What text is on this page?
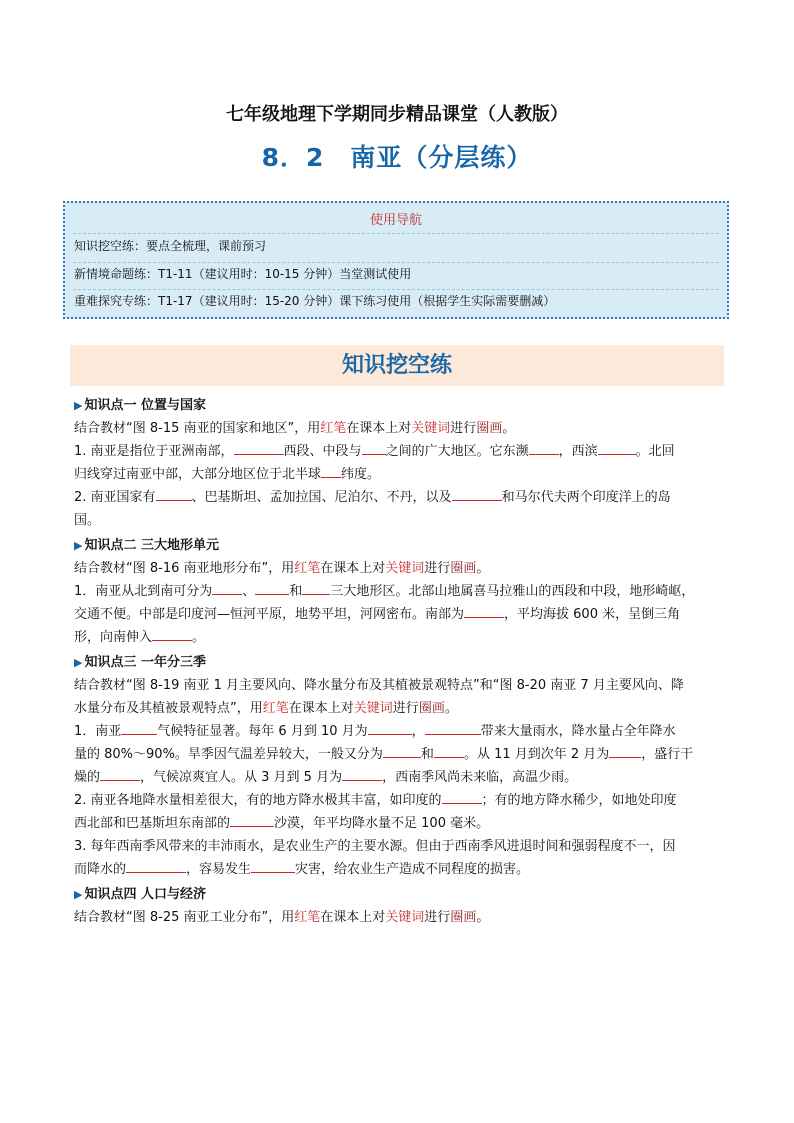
七年级地理下学期同步精品课堂（人教版）
8．2 南亚（分层练）
使用导航
知识挖空练：要点全梳理，课前预习
新情境命题练：T1-11（建议用时：10-15 分钟）当堂测试使用
重难探究专练：T1-17（建议用时：15-20 分钟）课下练习使用（根据学生实际需要删减）
知识挖空练
▶ 知识点一 位置与国家

结合教材“图 8-15 南亚的国家和地区”，用红笔在课本上对关键词进行圈画。

1. 南亚是指位于亚洲南部，	西段、中段与 之间的广大地区。它东濒 ，西滨	。北回
归线穿过南亚中部，大部分地区位于北半球 纬度。

2. 南亚国家有	、巴基斯坦、孟加拉国、尼泊尔、不丹，以及	和马尔代夫两个印度洋上的岛
国。

▶ 知识点二 三大地形单元

结合教材“图 8-16 南亚地形分布”，用红笔在课本上对关键词进行圈画。

1．南亚从北到南可分为 、	和 三大地形区。北部山地属喜马拉雅山的西段和中段，地形崎岖，
交通不便。中部是印度河—恒河平原，地势平坦，河网密布。南部为	，平均海拔 600 米，呈倒三角
形，向南伸入	。

▶ 知识点三 一年分三季

结合教材“图 8-19 南亚 1 月主要风向、降水量分布及其植被景观特点”和“图 8-20 南亚 7 月主要风向、降
水量分布及其植被景观特点”，用红笔在课本上对关键词进行圈画。

1．南亚	气候特征显著。每年 6 月到 10 月为	，	带来大量雨水，降水量占全年降水
量的 80%～90%。旱季因气温差异较大，一般又分为	和 。从 11 月到次年 2 月为 ，盛行干
燥的	，气候凉爽宜人。从 3 月到 5 月为	，西南季风尚未来临，高温少雨。

2. 南亚各地降水量相差很大，有的地方降水极其丰富，如印度的	；有的地方降水稀少，如地处印度
西北部和巴基斯坦东南部的	沙漠，年平均降水量不足 100 毫米。

3. 每年西南季风带来的丰沛雨水，是农业生产的主要水源。但由于西南季风进退时间和强弱程度不一，因
而降水的	，容易发生	灾害，给农业生产造成不同程度的损害。

▶ 知识点四 人口与经济

结合教材“图 8-25 南亚工业分布”，用红笔在课本上对关键词进行圈画。
